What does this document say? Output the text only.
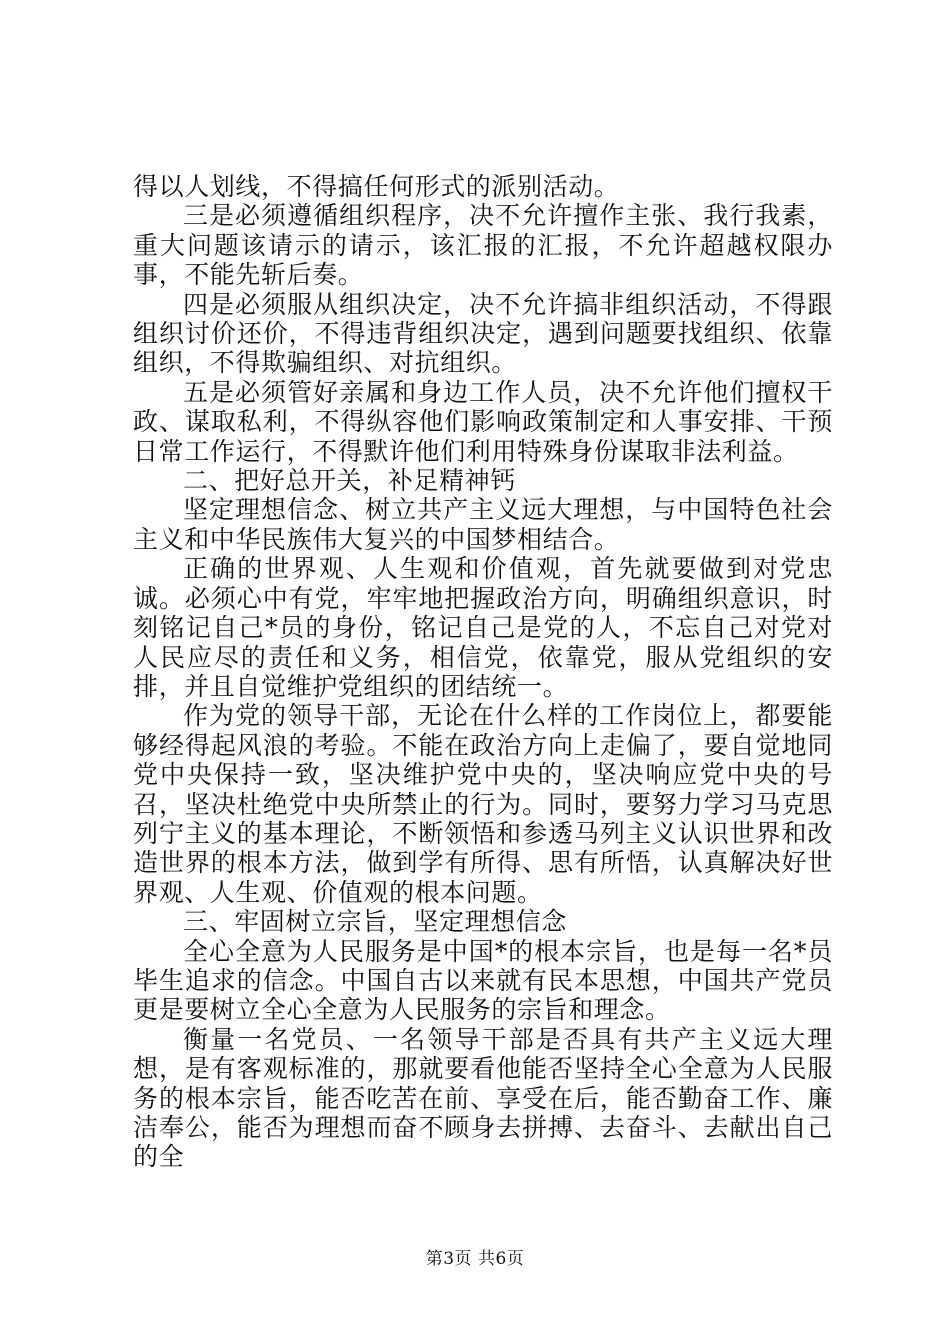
得以人划线，不得搞任何形式的派别活动。

三是必须遵循组织程序，决不允许擅作主张、我行我素，重大问题该请示的请示，该汇报的汇报，不允许超越权限办事，不能先斩后奏。

四是必须服从组织决定，决不允许搞非组织活动，不得跟组织讨价还价，不得违背组织决定，遇到问题要找组织、依靠组织，不得欺骗组织、对抗组织。

五是必须管好亲属和身边工作人员，决不允许他们擅权干政、谋取私利，不得纵容他们影响政策制定和人事安排、干预日常工作运行，不得默许他们利用特殊身份谋取非法利益。

二、把好总开关，补足精神钙

坚定理想信念、树立共产主义远大理想，与中国特色社会主义和中华民族伟大复兴的中国梦相结合。

正确的世界观、人生观和价值观，首先就要做到对党忠诚。必须心中有党，牢牢地把握政治方向，明确组织意识，时刻铭记自己*员的身份，铭记自己是党的人，不忘自己对党对人民应尽的责任和义务，相信党，依靠党，服从党组织的安排，并且自觉维护党组织的团结统一。

作为党的领导干部，无论在什么样的工作岗位上，都要能够经得起风浪的考验。不能在政治方向上走偏了，要自觉地同党中央保持一致，坚决维护党中央的，坚决响应党中央的号召，坚决杜绝党中央所禁止的行为。同时，要努力学习马克思列宁主义的基本理论，不断领悟和参透马列主义认识世界和改造世界的根本方法，做到学有所得、思有所悟，认真解决好世界观、人生观、价值观的根本问题。

三、牢固树立宗旨，坚定理想信念

全心全意为人民服务是中国*的根本宗旨，也是每一名*员毕生追求的信念。中国自古以来就有民本思想，中国共产党员更是要树立全心全意为人民服务的宗旨和理念。

衡量一名党员、一名领导干部是否具有共产主义远大理想，是有客观标准的，那就要看他能否坚持全心全意为人民服务的根本宗旨，能否吃苦在前、享受在后，能否勤奋工作、廉洁奉公，能否为理想而奋不顾身去拼搏、去奋斗、去献出自己的全

第3页 共6页
